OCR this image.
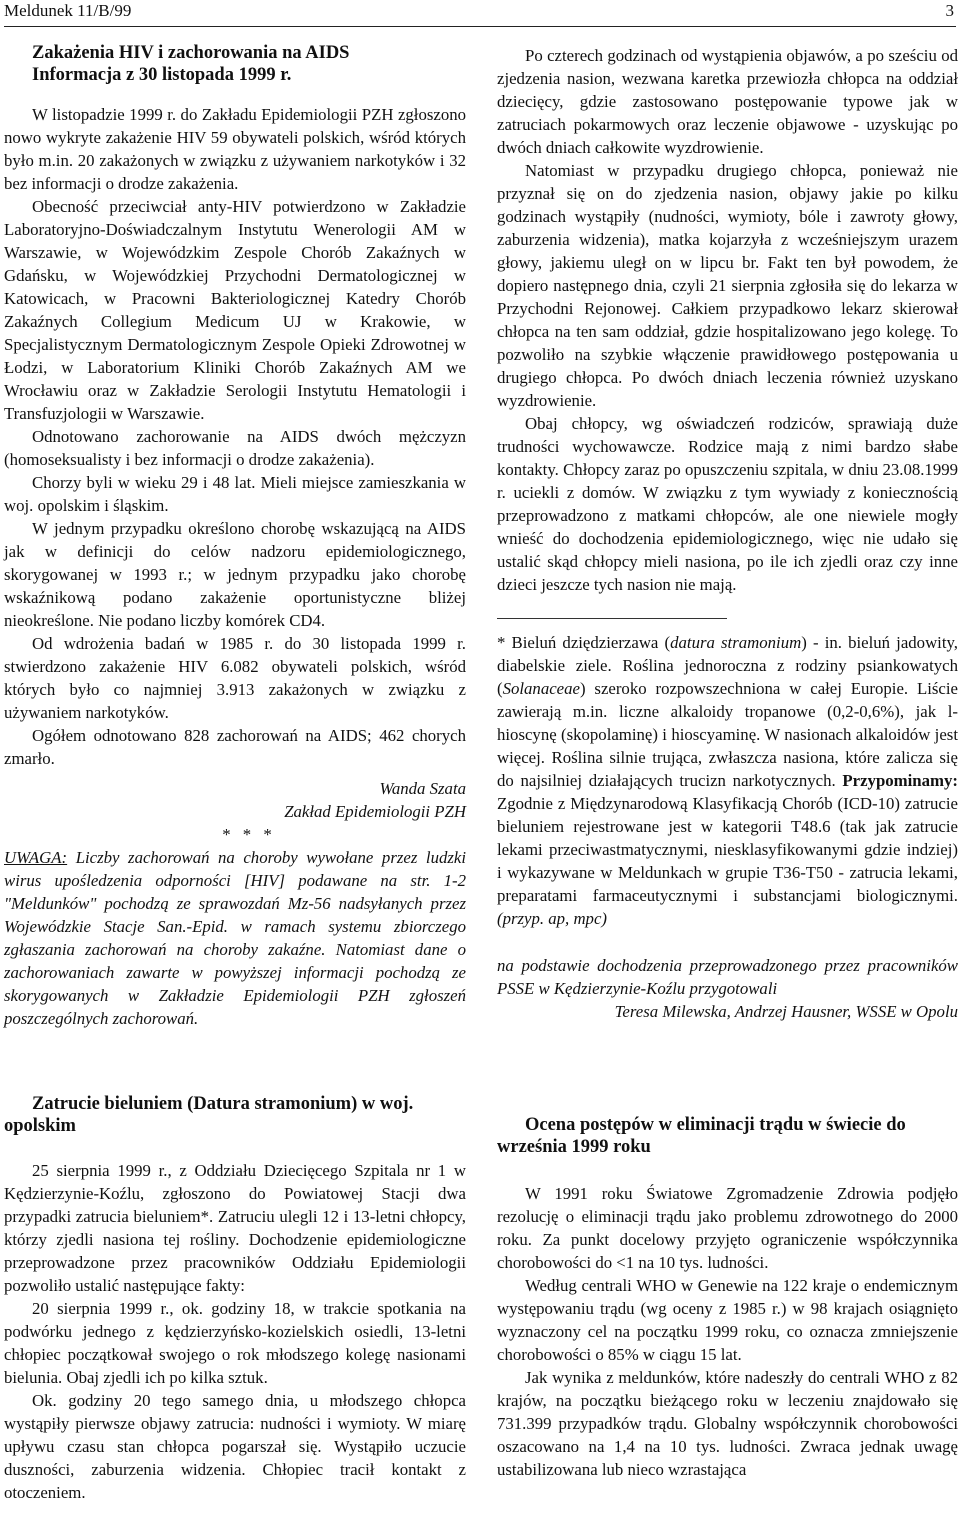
Meldunek 11/B/99	3

Zakażenia HIV i zachorowania na AIDS

Informacja z 30 listopada 1999 r.

W listopadzie 1999 r. do Zakładu Epidemiologii PZH zgłoszono nowo wykryte zakażenie HIV 59 obywateli polskich, wśród których było m.in. 20 zakażonych w związku z używaniem narkotyków i 32 bez informacji o drodze zakażenia.

Obecność przeciwciał anty-HIV potwierdzono w Zakładzie Laboratoryjno-Doświadczalnym Instytutu Wenerologii AM w Warszawie, w Wojewódzkim Zespole Chorób Zakaźnych w Gdańsku, w Wojewódzkiej Przychodni Dermatologicznej w Katowicach, w Pracowni Bakteriologicznej Katedry Chorób Zakaźnych Collegium Medicum UJ w Krakowie, w Specjalistycznym Dermatologicznym Zespole Opieki Zdrowotnej w Łodzi, w Laboratorium Kliniki Chorób Zakaźnych AM we Wrocławiu oraz w Zakładzie Serologii Instytutu Hematologii i Transfuzjologii w Warszawie.

Odnotowano zachorowanie na AIDS dwóch mężczyzn (homoseksualisty i bez informacji o drodze zakażenia).

Chorzy byli w wieku 29 i 48 lat. Mieli miejsce zamieszkania w woj. opolskim i śląskim.

W jednym przypadku określono chorobę wskazującą na AIDS jak w definicji do celów nadzoru epidemiologicznego, skorygowanej w 1993 r.; w jednym przypadku jako chorobę wskaźnikową podano zakażenie oportunistyczne bliżej nieokreślone. Nie podano liczby komórek CD4.

Od wdrożenia badań w 1985 r. do 30 listopada 1999 r. stwierdzono zakażenie HIV 6.082 obywateli polskich, wśród których było co najmniej 3.913 zakażonych w związku z używaniem narkotyków.

Ogółem odnotowano 828 zachorowań na AIDS; 462 chorych zmarło.

Wanda Szata

Zakład Epidemiologii PZH

* * *

UWAGA: Liczby zachorowań na choroby wywołane przez ludzki wirus upośledzenia odporności [HIV] podawane na str. 1-2 "Meldunków" pochodzą ze sprawozdań Mz-56 nadsyłanych przez Wojewódzkie Stacje San.-Epid. w ramach systemu zbiorczego zgłaszania zachorowań na choroby zakaźne. Natomiast dane o zachorowaniach zawarte w powyższej informacji pochodzą ze skorygowanych w Zakładzie Epidemiologii PZH zgłoszeń poszczególnych zachorowań.

Zatrucie bieluniem (Datura stramonium) w woj. opolskim

25 sierpnia 1999 r., z Oddziału Dziecięcego Szpitala nr 1 w Kędzierzynie-Koźlu, zgłoszono do Powiatowej Stacji dwa przypadki zatrucia bieluniem*. Zatruciu ulegli 12 i 13-letni chłopcy, którzy zjedli nasiona tej rośliny. Dochodzenie epidemiologiczne przeprowadzone przez pracowników Oddziału Epidemiologii pozwoliło ustalić następujące fakty:

20 sierpnia 1999 r., ok. godziny 18, w trakcie spotkania na podwórku jednego z kędzierzyńsko-kozielskich osiedli, 13-letni chłopiec początkował swojego o rok młodszego kolegę nasionami bielunia. Obaj zjedli ich po kilka sztuk.

Ok. godziny 20 tego samego dnia, u młodszego chłopca wystąpiły pierwsze objawy zatrucia: nudności i wymioty. W miarę upływu czasu stan chłopca pogarszał się. Wystąpiło uczucie duszności, zaburzenia widzenia. Chłopiec tracił kontakt z otoczeniem.

Po czterech godzinach od wystąpienia objawów, a po sześciu od zjedzenia nasion, wezwana karetka przewiozła chłopca na oddział dziecięcy, gdzie zastosowano postępowanie typowe jak w zatruciach pokarmowych oraz leczenie objawowe - uzyskując po dwóch dniach całkowite wyzdrowienie.

Natomiast w przypadku drugiego chłopca, ponieważ nie przyznał się on do zjedzenia nasion, objawy jakie po kilku godzinach wystąpiły (nudności, wymioty, bóle i zawroty głowy, zaburzenia widzenia), matka kojarzyła z wcześniejszym urazem głowy, jakiemu uległ on w lipcu br. Fakt ten był powodem, że dopiero następnego dnia, czyli 21 sierpnia zgłosiła się do lekarza w Przychodni Rejonowej. Całkiem przypadkowo lekarz skierował chłopca na ten sam oddział, gdzie hospitalizowano jego kolegę. To pozwoliło na szybkie włączenie prawidłowego postępowania u drugiego chłopca. Po dwóch dniach leczenia również uzyskano wyzdrowienie.

Obaj chłopcy, wg oświadczeń rodziców, sprawiają duże trudności wychowawcze. Rodzice mają z nimi bardzo słabe kontakty. Chłopcy zaraz po opuszczeniu szpitala, w dniu 23.08.1999 r. uciekli z domów. W związku z tym wywiady z koniecznością przeprowadzono z matkami chłopców, ale one niewiele mogły wnieść do dochodzenia epidemiologicznego, więc nie udało się ustalić skąd chłopcy mieli nasiona, po ile ich zjedli oraz czy inne dzieci jeszcze tych nasion nie mają.

* Bieluń dziędzierzawa (datura stramonium) - in. bieluń jadowity, diabelskie ziele. Roślina jednoroczna z rodziny psiankowatych (Solanaceae) szeroko rozpowszechniona w całej Europie. Liście zawierają m.in. liczne alkaloidy tropanowe (0,2-0,6%), jak l-hioscynę (skopolaminę) i hioscyaminę. W nasionach alkaloidów jest więcej. Roślina silnie trująca, zwłaszcza nasiona, które zalicza się do najsilniej działających trucizn narkotycznych. Przypominamy: Zgodnie z Międzynarodową Klasyfikacją Chorób (ICD-10) zatrucie bieluniem rejestrowane jest w kategorii T48.6 (tak jak zatrucie lekami przeciwastmatycznymi, niesklasyfikowanymi gdzie indziej) i wykazywane w Meldunkach w grupie T36-T50 - zatrucia lekami, preparatami farmaceutycznymi i substancjami biologicznymi. (przyp. ap, mpc)

na podstawie dochodzenia przeprowadzonego przez pracowników PSSE w Kędzierzynie-Koźlu przygotowali

Teresa Milewska, Andrzej Hausner, WSSE w Opolu

Ocena postępów w eliminacji trądu w świecie do września 1999 roku

W 1991 roku Światowe Zgromadzenie Zdrowia podjęło rezolucję o eliminacji trądu jako problemu zdrowotnego do 2000 roku. Za punkt docelowy przyjęto ograniczenie współczynnika chorobowości do <1 na 10 tys. ludności.

Według centrali WHO w Genewie na 122 kraje o endemicznym występowaniu trądu (wg oceny z 1985 r.) w 98 krajach osiągnięto wyznaczony cel na początku 1999 roku, co oznacza zmniejszenie chorobowości o 85% w ciągu 15 lat.

Jak wynika z meldunków, które nadeszły do centrali WHO z 82 krajów, na początku bieżącego roku w leczeniu znajdowało się 731.399 przypadków trądu. Globalny współczynnik chorobowości oszacowano na 1,4 na 10 tys. ludności. Zwraca jednak uwagę ustabilizowana lub nieco wzrastająca
